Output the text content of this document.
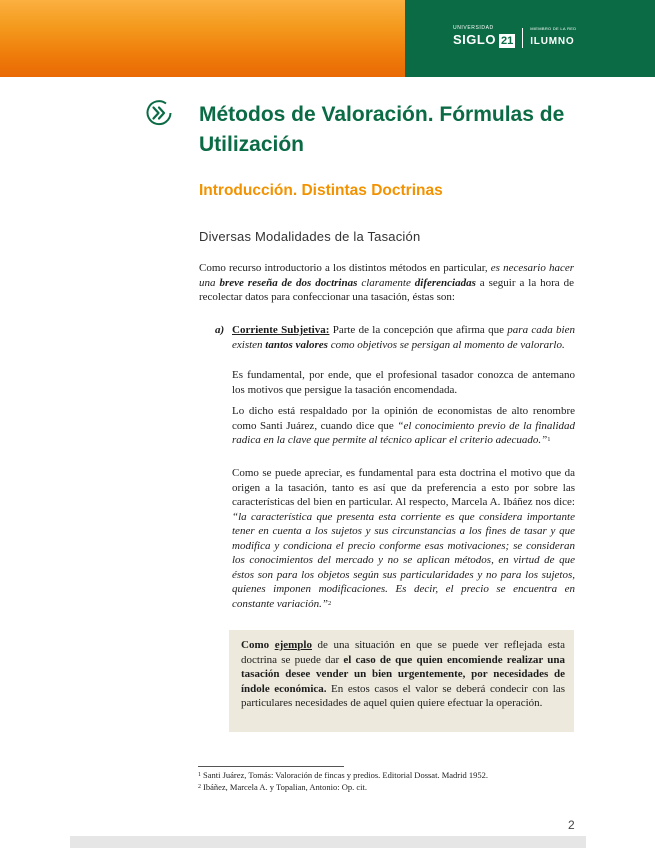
UNIVERSIDAD
SIGLO 21
MIEMBRO DE LA RED
ILUMNO
Métodos de Valoración. Fórmulas de Utilización
Introducción. Distintas Doctrinas
Diversas Modalidades de la Tasación

Como recurso introductorio a los distintos métodos en particular, es necesario hacer una breve reseña de dos doctrinas claramente diferenciadas a seguir a la hora de recolectar datos para confeccionar una tasación, éstas son:

a) Corriente Subjetiva: Parte de la concepción que afirma que para cada bien existen tantos valores como objetivos se persigan al momento de valorarlo.

Es fundamental, por ende, que el profesional tasador conozca de antemano los motivos que persigue la tasación encomendada.

Lo dicho está respaldado por la opinión de economistas de alto renombre como Santi Juárez, cuando dice que “el conocimiento previo de la finalidad radica en la clave que permite al técnico aplicar el criterio adecuado.”$^1$

Como se puede apreciar, es fundamental para esta doctrina el motivo que da origen a la tasación, tanto es así que da preferencia a esto por sobre las características del bien en particular. Al respecto, Marcela A. Ibáñez nos dice: “la característica que presenta esta corriente es que considera importante tener en cuenta a los sujetos y sus circunstancias a los fines de tasar y que modifica y condiciona el precio conforme esas motivaciones; se consideran los conocimientos del mercado y no se aplican métodos, en virtud de que éstos son para los objetos según sus particularidades y no para los sujetos, quienes imponen modificaciones. Es decir, el precio se encuentra en constante variación.”$^2$

Como ejemplo de una situación en que se puede ver reflejada esta doctrina se puede dar el caso de que quien encomiende realizar una tasación desee vender un bien urgentemente, por necesidades de índole económica. En estos casos el valor se deberá condecir con las particulares necesidades de aquel quien quiere efectuar la operación.

$^1$ Santi Juárez, Tomás: Valoración de fincas y predios. Editorial Dossat. Madrid 1952.
$^2$ Ibáñez, Marcela A. y Topalian, Antonio: Op. cit.
2
